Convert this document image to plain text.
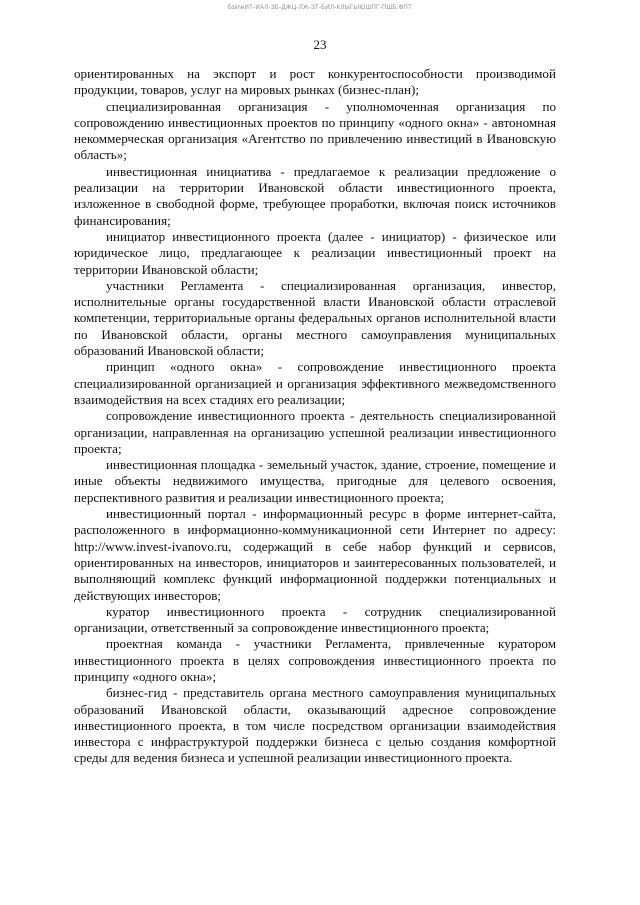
БЫ№ИТ-ИАЛ-ЗБ-ДЖЦ-ЛЖ-ЗТ-БИЛ-КЛЫГЫЮШПГ-ПШБ.ФПТ
23

ориентированных на экспорт и рост конкурентоспособности производимой продукции, товаров, услуг на мировых рынках (бизнес-план);

специализированная организация - уполномоченная организация по сопровождению инвестиционных проектов по принципу «одного окна» - автономная некоммерческая организация «Агентство по привлечению инвестиций в Ивановскую область»;

инвестиционная инициатива - предлагаемое к реализации предложение о реализации на территории Ивановской области инвестиционного проекта, изложенное в свободной форме, требующее проработки, включая поиск источников финансирования;

инициатор инвестиционного проекта (далее - инициатор) - физическое или юридическое лицо, предлагающее к реализации инвестиционный проект на территории Ивановской области;

участники Регламента - специализированная организация, инвестор, исполнительные органы государственной власти Ивановской области отраслевой компетенции, территориальные органы федеральных органов исполнительной власти по Ивановской области, органы местного самоуправления муниципальных образований Ивановской области;

принцип «одного окна» - сопровождение инвестиционного проекта специализированной организацией и организация эффективного межведомственного взаимодействия на всех стадиях его реализации;

сопровождение инвестиционного проекта - деятельность специализированной организации, направленная на организацию успешной реализации инвестиционного проекта;

инвестиционная площадка - земельный участок, здание, строение, помещение и иные объекты недвижимого имущества, пригодные для целевого освоения, перспективного развития и реализации инвестиционного проекта;

инвестиционный портал - информационный ресурс в форме интернет-сайта, расположенного в информационно-коммуникационной сети Интернет по адресу: http://www.invest-ivanovo.ru, содержащий в себе набор функций и сервисов, ориентированных на инвесторов, инициаторов и заинтересованных пользователей, и выполняющий комплекс функций информационной поддержки потенциальных и действующих инвесторов;

куратор инвестиционного проекта - сотрудник специализированной организации, ответственный за сопровождение инвестиционного проекта;

проектная команда - участники Регламента, привлеченные куратором инвестиционного проекта в целях сопровождения инвестиционного проекта по принципу «одного окна»;

бизнес-гид - представитель органа местного самоуправления муниципальных образований Ивановской области, оказывающий адресное сопровождение инвестиционного проекта, в том числе посредством организации взаимодействия инвестора с инфраструктурой поддержки бизнеса с целью создания комфортной среды для ведения бизнеса и успешной реализации инвестиционного проекта.
